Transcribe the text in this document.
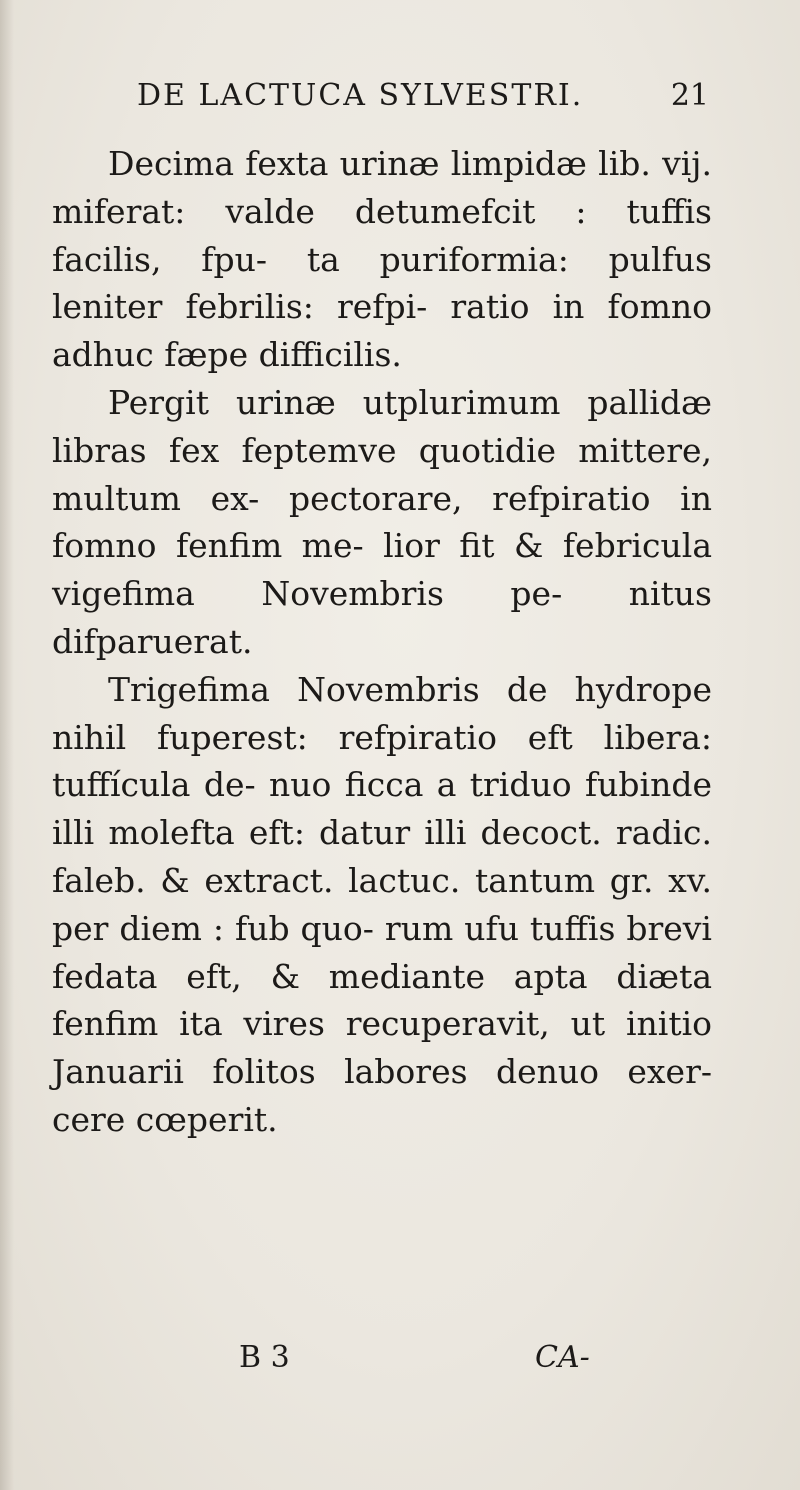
DE LACTUCA SYLVESTRI.	21

Decima fexta urinæ limpidæ lib. vij. miferat: valde detumefcit : tuffis facilis, fpu- ta puriformia: pulfus leniter febrilis: refpi- ratio in fomno adhuc fæpe difficilis.

Pergit urinæ utplurimum pallidæ libras fex feptemve quotidie mittere, multum ex- pectorare, refpiratio in fomno fenfim me- lior fit & febricula vigefima Novembris pe- nitus difparuerat.

Trigefima Novembris de hydrope nihil fuperest: refpiratio eft libera: tuffícula de- nuo ficca a triduo fubinde illi molefta eft: datur illi decoct. radic. faleb. & extract. lactuc. tantum gr. xv. per diem : fub quo- rum ufu tuffis brevi fedata eft, & mediante apta diæta fenfim ita vires recuperavit, ut initio Januarii folitos labores denuo exer- cere cœperit.

B 3	CA-
